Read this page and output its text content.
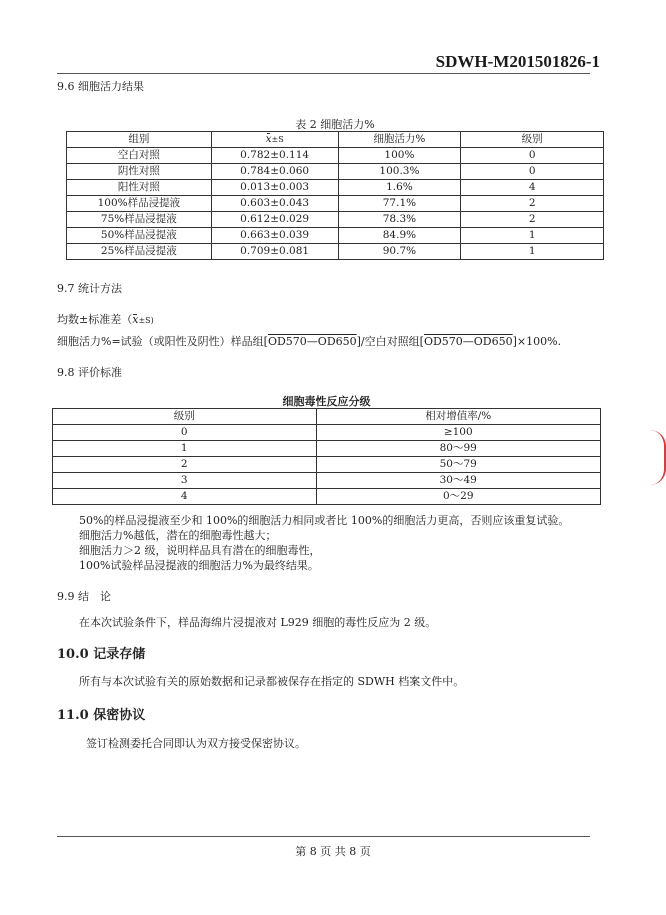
SDWH-M201501826-1
9.6 细胞活力结果
表 2 细胞活力%
组别	x±S	细胞活力%	级别
空白对照	0.782±0.114	100%	0
阴性对照	0.784±0.060	100.3%	0
阳性对照	0.013±0.003	1.6%	4
100%样品浸提液	0.603±0.043	77.1%	2
75%样品浸提液	0.612±0.029	78.3%	2
50%样品浸提液	0.663±0.039	84.9%	1
25%样品浸提液	0.709±0.081	90.7%	1
9.7 统计方法
均数±标准差（x±S)
细胞活力%=试验（或阳性及阴性）样品组[OD570—OD650]/空白对照组[OD570—OD650]×100%.
9.8 评价标准
细胞毒性反应分级
级别	相对增值率/%
0	≥100
1	80～99
2	50～79
3	30～49
4	0～29
50%的样品浸提液至少和 100%的细胞活力相同或者比 100%的细胞活力更高，否则应该重复试验。
细胞活力%越低，潜在的细胞毒性越大；
细胞活力＞2 级，说明样品具有潜在的细胞毒性，
100%试验样品浸提液的细胞活力%为最终结果。
9.9 结　论
在本次试验条件下，样品海绵片浸提液对 L929 细胞的毒性反应为 2 级。
10.0 记录存储
所有与本次试验有关的原始数据和记录都被保存在指定的 SDWH 档案文件中。
11.0 保密协议
签订检测委托合同即认为双方接受保密协议。
第 8 页 共 8 页
